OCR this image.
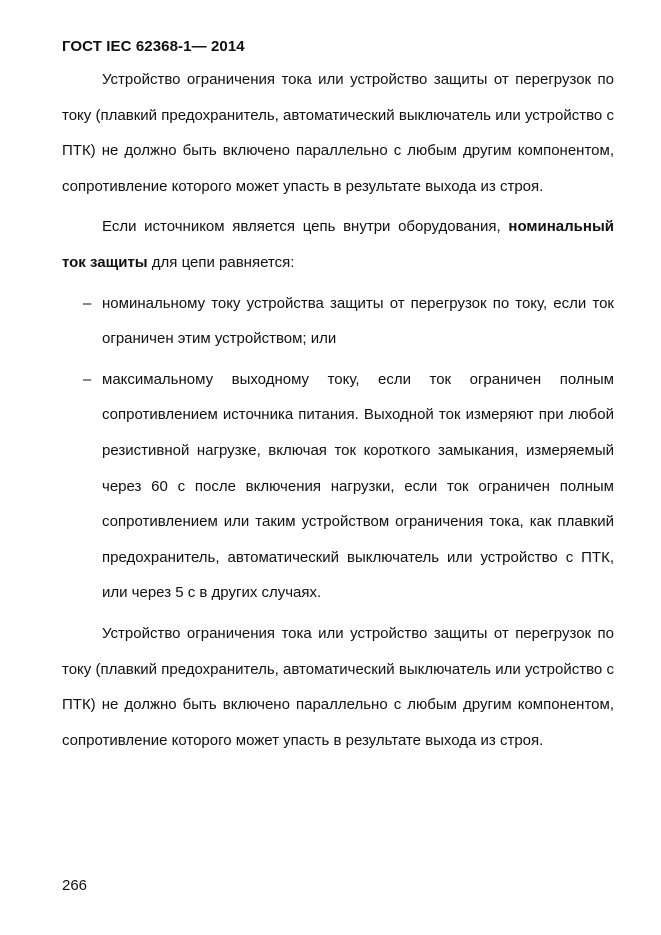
ГОСТ IEC 62368-1— 2014

Устройство ограничения тока или устройство защиты от перегрузок по току (плавкий предохранитель, автоматический выключатель или устройство с ПТК) не должно быть включено параллельно с любым другим компонентом, сопротивление которого может упасть в результате выхода из строя.

Если источником является цепь внутри оборудования, номинальный ток защиты для цепи равняется:

– номинальному току устройства защиты от перегрузок по току, если ток ограничен этим устройством; или
– максимальному выходному току, если ток ограничен полным сопротивлением источника питания. Выходной ток измеряют при любой резистивной нагрузке, включая ток короткого замыкания, измеряемый через 60 с после включения нагрузки, если ток ограничен полным сопротивлением или таким устройством ограничения тока, как плавкий предохранитель, автоматический выключатель или устройство с ПТК, или через 5 с в других случаях.

Устройство ограничения тока или устройство защиты от перегрузок по току (плавкий предохранитель, автоматический выключатель или устройство с ПТК) не должно быть включено параллельно с любым другим компонентом, сопротивление которого может упасть в результате выхода из строя.

266
